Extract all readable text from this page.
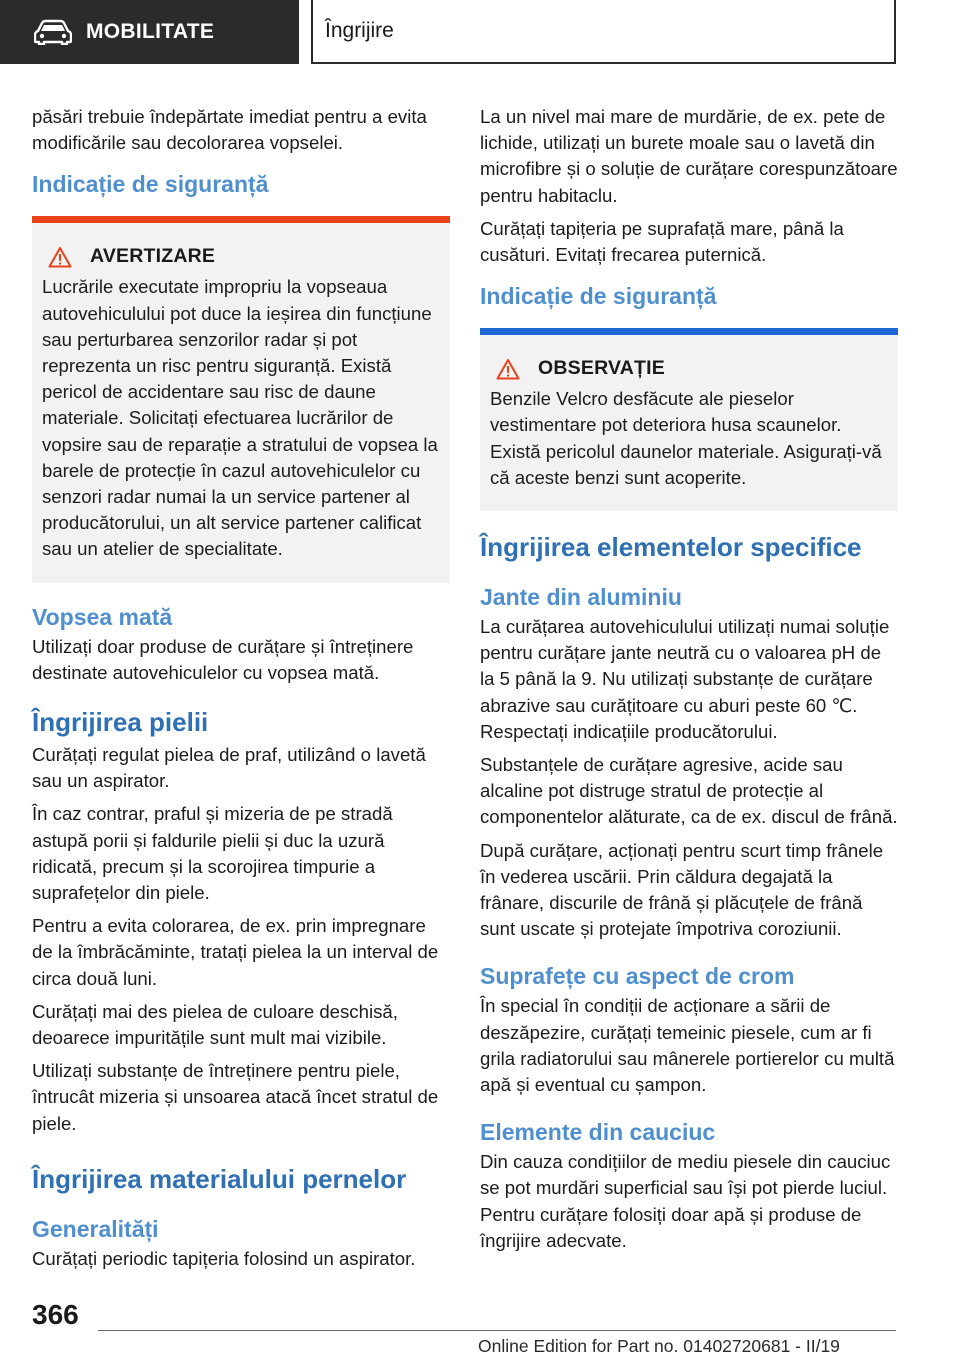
MOBILITATE	Îngrijire

păsări trebuie îndepărtate imediat pentru a evita modificările sau decolorarea vopselei.

Indicație de siguranță
AVERTIZARE

Lucrările executate impropriu la vopseaua autovehiculului pot duce la ieșirea din funcțiune sau perturbarea senzorilor radar și pot reprezenta un risc pentru siguranță. Există pericol de accidentare sau risc de daune materiale. Solicitați efectuarea lucrărilor de vopsire sau de reparație a stratului de vopsea la barele de protecție în cazul autovehiculelor cu senzori radar numai la un service partener al producătorului, un alt service partener calificat sau un atelier de specialitate.

Vopsea mată

Utilizați doar produse de curățare și întreținere destinate autovehiculelor cu vopsea mată.

Îngrijirea pielii

Curățați regulat pielea de praf, utilizând o lavetă sau un aspirator.

În caz contrar, praful și mizeria de pe stradă astupă porii și faldurile pielii și duc la uzură ridicată, precum și la scorojirea timpurie a suprafețelor din piele.

Pentru a evita colorarea, de ex. prin impregnare de la îmbrăcăminte, tratați pielea la un interval de circa două luni.

Curățați mai des pielea de culoare deschisă, deoarece impuritățile sunt mult mai vizibile.

Utilizați substanțe de întreținere pentru piele, întrucât mizeria și unsoarea atacă încet stratul de piele.

Îngrijirea materialului pernelor
Generalități

Curățați periodic tapițeria folosind un aspirator.

La un nivel mai mare de murdărie, de ex. pete de lichide, utilizați un burete moale sau o lavetă din microfibre și o soluție de curățare corespunzătoare pentru habitaclu.

Curățați tapițeria pe suprafață mare, până la cusături. Evitați frecarea puternică.

Indicație de siguranță
OBSERVAȚIE

Benzile Velcro desfăcute ale pieselor vestimentare pot deteriora husa scaunelor. Există pericolul daunelor materiale. Asigurați-vă că aceste benzi sunt acoperite.

Îngrijirea elementelor specifice
Jante din aluminiu

La curățarea autovehiculului utilizați numai soluție pentru curățare jante neutră cu o valoarea pH de la 5 până la 9. Nu utilizați substanțe de curățare abrazive sau curățitoare cu aburi peste 60 ℃. Respectați indicațiile producătorului.

Substanțele de curățare agresive, acide sau alcaline pot distruge stratul de protecție al componentelor alăturate, ca de ex. discul de frână.

După curățare, acționați pentru scurt timp frânele în vederea uscării. Prin căldura degajată la frânare, discurile de frână și plăcuțele de frână sunt uscate și protejate împotriva coroziunii.

Suprafețe cu aspect de crom

În special în condiții de acționare a sării de deszăpezire, curățați temeinic piesele, cum ar fi grila radiatorului sau mânerele portierelor cu multă apă și eventual cu șampon.

Elemente din cauciuc

Din cauza condițiilor de mediu piesele din cauciuc se pot murdări superficial sau își pot pierde luciul. Pentru curățare folosiți doar apă și produse de îngrijire adecvate.

366
Online Edition for Part no. 01402720681 - II/19
